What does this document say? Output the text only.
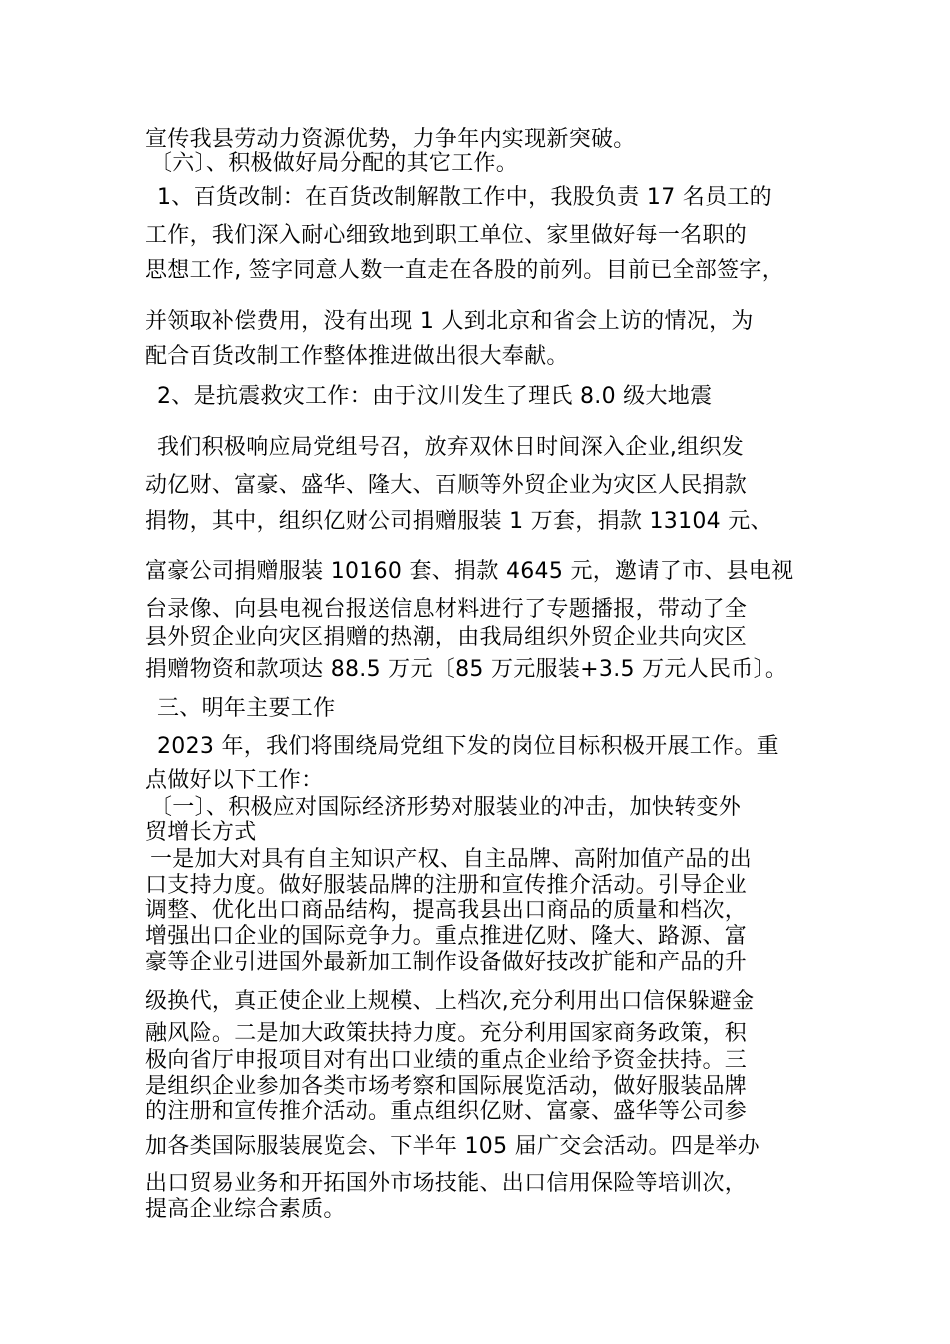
宣传我县劳动力资源优势，力争年内实现新突破。
〔六〕、积极做好局分配的其它工作。
1、百货改制：在百货改制解散工作中，我股负责 17 名员工的
工作，我们深入耐心细致地到职工单位、家里做好每一名职的
思想工作, 签字同意人数一直走在各股的前列。目前已全部签字，
并领取补偿费用，没有出现 1 人到北京和省会上访的情况，为
配合百货改制工作整体推进做出很大奉献。
2、是抗震救灾工作：由于汶川发生了理氏 8.0 级大地震
我们积极响应局党组号召，放弃双休日时间深入企业,组织发
动亿财、富豪、盛华、隆大、百顺等外贸企业为灾区人民捐款
捐物，其中，组织亿财公司捐赠服装 1 万套，捐款 13104 元、
富豪公司捐赠服装 10160 套、捐款 4645 元，邀请了市、县电视
台录像、向县电视台报送信息材料进行了专题播报，带动了全
县外贸企业向灾区捐赠的热潮，由我局组织外贸企业共向灾区
捐赠物资和款项达 88.5 万元〔85 万元服装+3.5 万元人民币〕。
三、明年主要工作
2023 年，我们将围绕局党组下发的岗位目标积极开展工作。重
点做好以下工作：
〔一〕、积极应对国际经济形势对服装业的冲击，加快转变外
贸增长方式
一是加大对具有自主知识产权、自主品牌、高附加值产品的出
口支持力度。做好服装品牌的注册和宣传推介活动。引导企业
调整、优化出口商品结构，提高我县出口商品的质量和档次，
增强出口企业的国际竞争力。重点推进亿财、隆大、路源、富
豪等企业引进国外最新加工制作设备做好技改扩能和产品的升
级换代，真正使企业上规模、上档次,充分利用出口信保躲避金
融风险。二是加大政策扶持力度。充分利用国家商务政策，积
极向省厅申报项目对有出口业绩的重点企业给予资金扶持。三
是组织企业参加各类市场考察和国际展览活动，做好服装品牌
的注册和宣传推介活动。重点组织亿财、富豪、盛华等公司参
加各类国际服装展览会、下半年 105 届广交会活动。四是举办
出口贸易业务和开拓国外市场技能、出口信用保险等培训次，
提高企业综合素质。
